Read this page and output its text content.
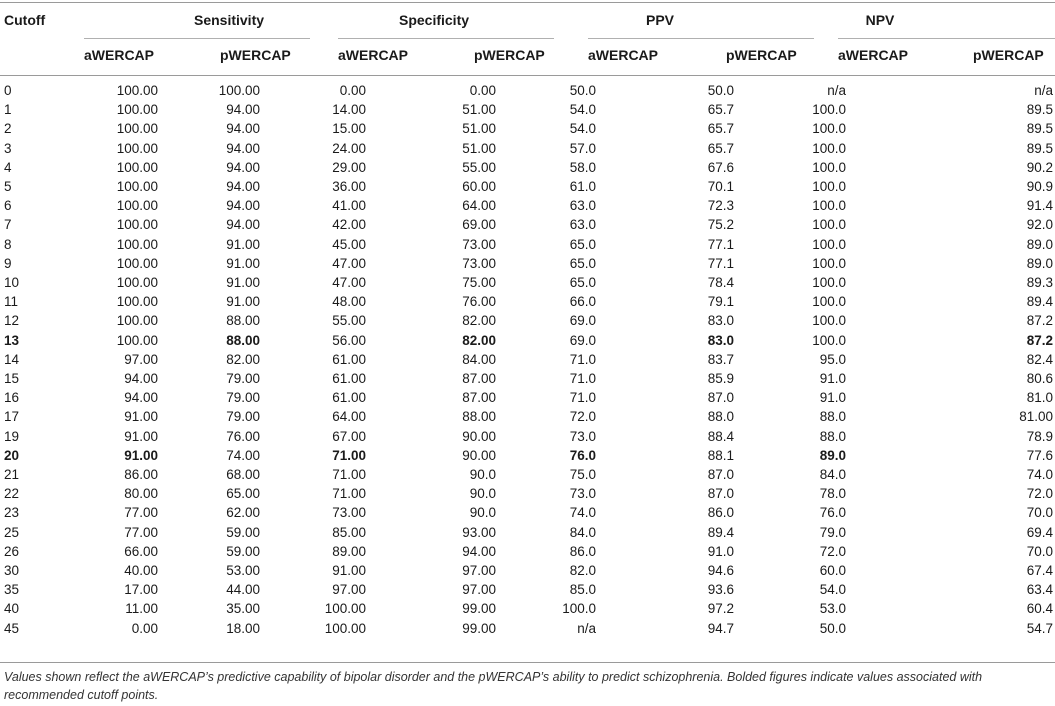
Cutoff	Sensitivity	Specificity	PPV	NPV
aWERCAP	pWERCAP	aWERCAP	pWERCAP	aWERCAP	pWERCAP	aWERCAP	pWERCAP
0	100.00	100.00	0.00	0.00	50.0	50.0	n/a	n/a
1	100.00	94.00	14.00	51.00	54.0	65.7	100.0	89.5
2	100.00	94.00	15.00	51.00	54.0	65.7	100.0	89.5
3	100.00	94.00	24.00	51.00	57.0	65.7	100.0	89.5
4	100.00	94.00	29.00	55.00	58.0	67.6	100.0	90.2
5	100.00	94.00	36.00	60.00	61.0	70.1	100.0	90.9
6	100.00	94.00	41.00	64.00	63.0	72.3	100.0	91.4
7	100.00	94.00	42.00	69.00	63.0	75.2	100.0	92.0
8	100.00	91.00	45.00	73.00	65.0	77.1	100.0	89.0
9	100.00	91.00	47.00	73.00	65.0	77.1	100.0	89.0
10	100.00	91.00	47.00	75.00	65.0	78.4	100.0	89.3
11	100.00	91.00	48.00	76.00	66.0	79.1	100.0	89.4
12	100.00	88.00	55.00	82.00	69.0	83.0	100.0	87.2
13	100.00	88.00	56.00	82.00	69.0	83.0	100.0	87.2
14	97.00	82.00	61.00	84.00	71.0	83.7	95.0	82.4
15	94.00	79.00	61.00	87.00	71.0	85.9	91.0	80.6
16	94.00	79.00	61.00	87.00	71.0	87.0	91.0	81.0
17	91.00	79.00	64.00	88.00	72.0	88.0	88.0	81.00
19	91.00	76.00	67.00	90.00	73.0	88.4	88.0	78.9
20	91.00	74.00	71.00	90.00	76.0	88.1	89.0	77.6
21	86.00	68.00	71.00	90.0	75.0	87.0	84.0	74.0
22	80.00	65.00	71.00	90.0	73.0	87.0	78.0	72.0
23	77.00	62.00	73.00	90.0	74.0	86.0	76.0	70.0
25	77.00	59.00	85.00	93.00	84.0	89.4	79.0	69.4
26	66.00	59.00	89.00	94.00	86.0	91.0	72.0	70.0
30	40.00	53.00	91.00	97.00	82.0	94.6	60.0	67.4
35	17.00	44.00	97.00	97.00	85.0	93.6	54.0	63.4
40	11.00	35.00	100.00	99.00	100.0	97.2	53.0	60.4
45	0.00	18.00	100.00	99.00	n/a	94.7	50.0	54.7
Values shown reflect the aWERCAP’s predictive capability of bipolar disorder and the pWERCAP’s ability to predict schizophrenia. Bolded figures indicate values associated with recommended cutoff points.
